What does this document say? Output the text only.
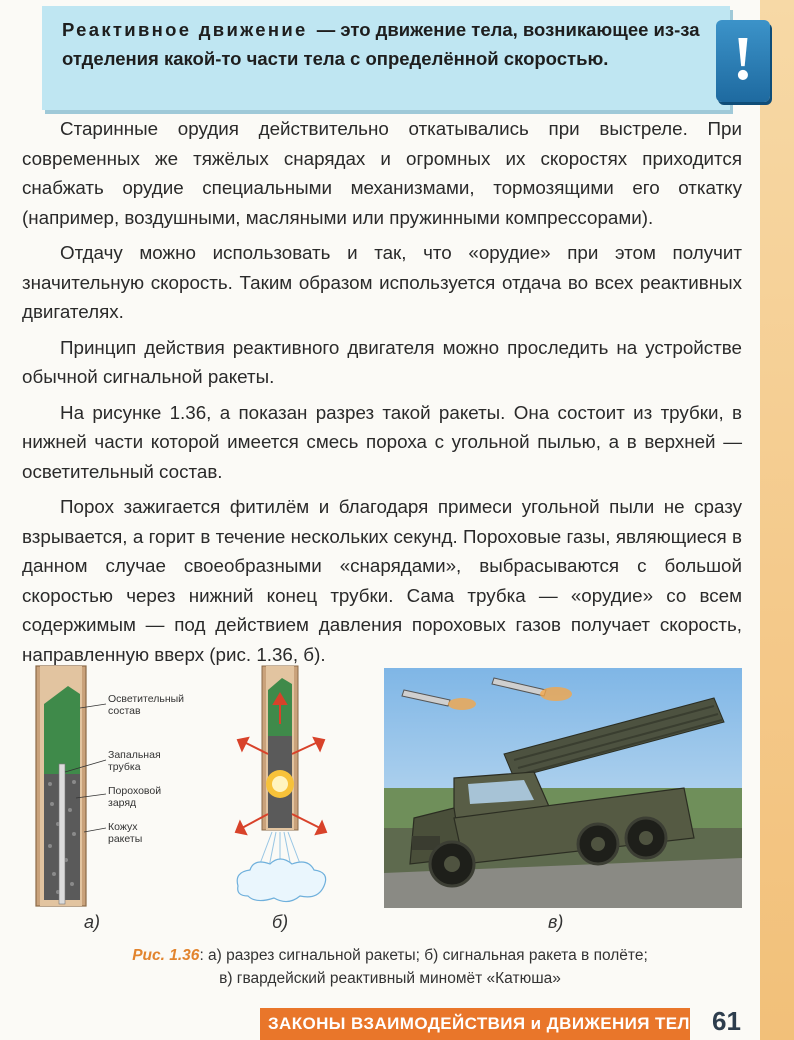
Реактивное движение — это движение тела, возникающее из-за отделения какой-то части тела с определённой скоростью.	!

Старинные орудия действительно откатывались при выстреле. При современных же тяжёлых снарядах и огромных их скоростях приходится снабжать орудие специальными механизмами, тормозящими его откатку (например, воздушными, масляными или пружинными компрессорами).

Отдачу можно использовать и так, что «орудие» при этом получит значительную скорость. Таким образом используется отдача во всех реактивных двигателях.

Принцип действия реактивного двигателя можно проследить на устройстве обычной сигнальной ракеты.

На рисунке 1.36, а показан разрез такой ракеты. Она состоит из трубки, в нижней части которой имеется смесь пороха с угольной пылью, а в верхней — осветительный состав.

Порох зажигается фитилём и благодаря примеси угольной пыли не сразу взрывается, а горит в течение нескольких секунд. Пороховые газы, являющиеся в данном случае своеобразными «снарядами», выбрасываются с большой скоростью через нижний конец трубки. Сама трубка — «орудие» со всем содержимым — под действием давления пороховых газов получает скорость, направленную вверх (рис. 1.36, б).

Осветительный
состав
Запальная
трубка
Пороховой
заряд
Кожух
ракеты
а)	б)	в)
Рис. 1.36: а) разрез сигнальной ракеты; б) сигнальная ракета в полёте;
в) гвардейский реактивный миномёт «Катюша»
ЗАКОНЫ ВЗАИМОДЕЙСТВИЯ и ДВИЖЕНИЯ ТЕЛ 61
